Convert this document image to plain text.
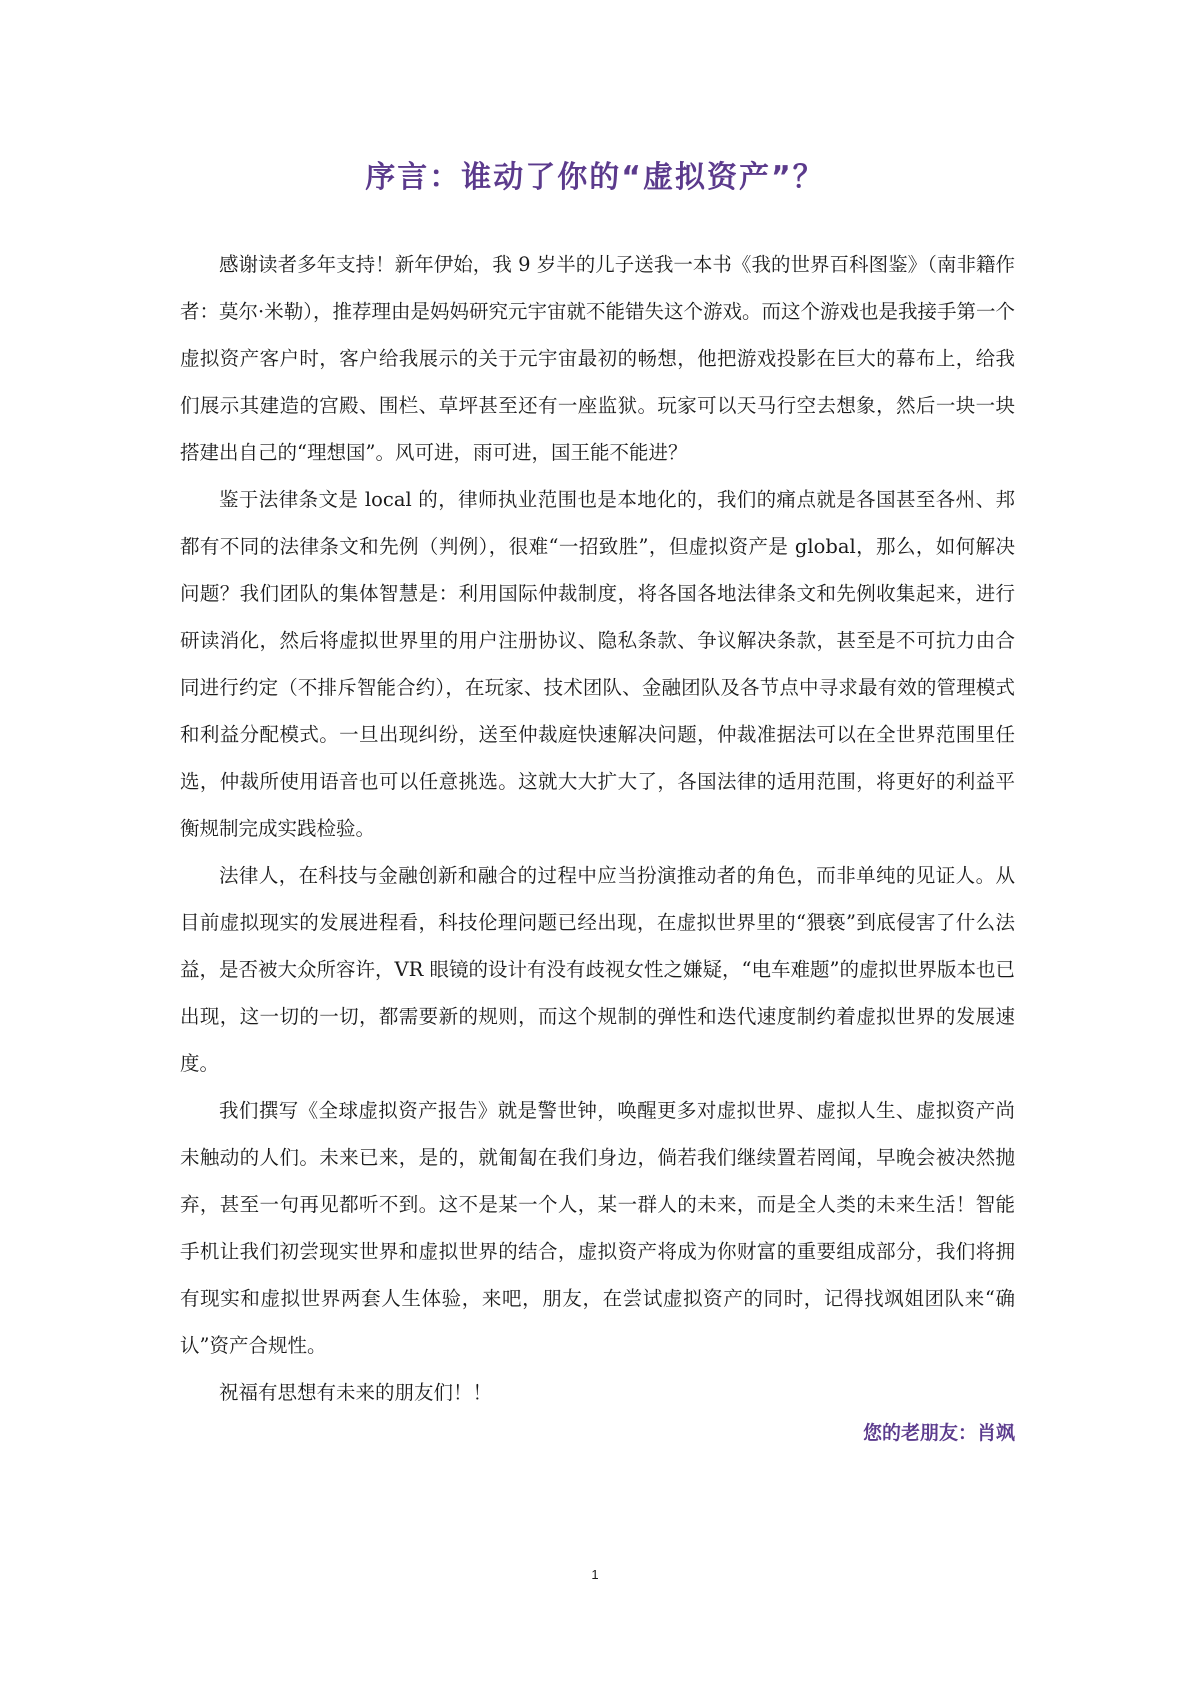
序言：谁动了你的“虚拟资产”？

感谢读者多年支持！新年伊始，我 9 岁半的儿子送我一本书《我的世界百科图鉴》（南非籍作者：莫尔·米勒），推荐理由是妈妈研究元宇宙就不能错失这个游戏。而这个游戏也是我接手第一个虚拟资产客户时，客户给我展示的关于元宇宙最初的畅想，他把游戏投影在巨大的幕布上，给我们展示其建造的宫殿、围栏、草坪甚至还有一座监狱。玩家可以天马行空去想象，然后一块一块搭建出自己的“理想国”。风可进，雨可进，国王能不能进？

鉴于法律条文是 local 的，律师执业范围也是本地化的，我们的痛点就是各国甚至各州、邦都有不同的法律条文和先例（判例），很难“一招致胜”，但虚拟资产是 global，那么，如何解决问题？我们团队的集体智慧是：利用国际仲裁制度，将各国各地法律条文和先例收集起来，进行研读消化，然后将虚拟世界里的用户注册协议、隐私条款、争议解决条款，甚至是不可抗力由合同进行约定（不排斥智能合约），在玩家、技术团队、金融团队及各节点中寻求最有效的管理模式和利益分配模式。一旦出现纠纷，送至仲裁庭快速解决问题，仲裁准据法可以在全世界范围里任选，仲裁所使用语音也可以任意挑选。这就大大扩大了，各国法律的适用范围，将更好的利益平衡规制完成实践检验。

法律人，在科技与金融创新和融合的过程中应当扮演推动者的角色，而非单纯的见证人。从目前虚拟现实的发展进程看，科技伦理问题已经出现，在虚拟世界里的“猥亵”到底侵害了什么法益，是否被大众所容许，VR 眼镜的设计有没有歧视女性之嫌疑，“电车难题”的虚拟世界版本也已出现，这一切的一切，都需要新的规则，而这个规制的弹性和迭代速度制约着虚拟世界的发展速度。

我们撰写《全球虚拟资产报告》就是警世钟，唤醒更多对虚拟世界、虚拟人生、虚拟资产尚未触动的人们。未来已来，是的，就匍匐在我们身边，倘若我们继续置若罔闻，早晚会被决然抛弃，甚至一句再见都听不到。这不是某一个人，某一群人的未来，而是全人类的未来生活！智能手机让我们初尝现实世界和虚拟世界的结合，虚拟资产将成为你财富的重要组成部分，我们将拥有现实和虚拟世界两套人生体验，来吧，朋友，在尝试虚拟资产的同时，记得找飒姐团队来“确认”资产合规性。

祝福有思想有未来的朋友们！！

您的老朋友：肖飒
1
